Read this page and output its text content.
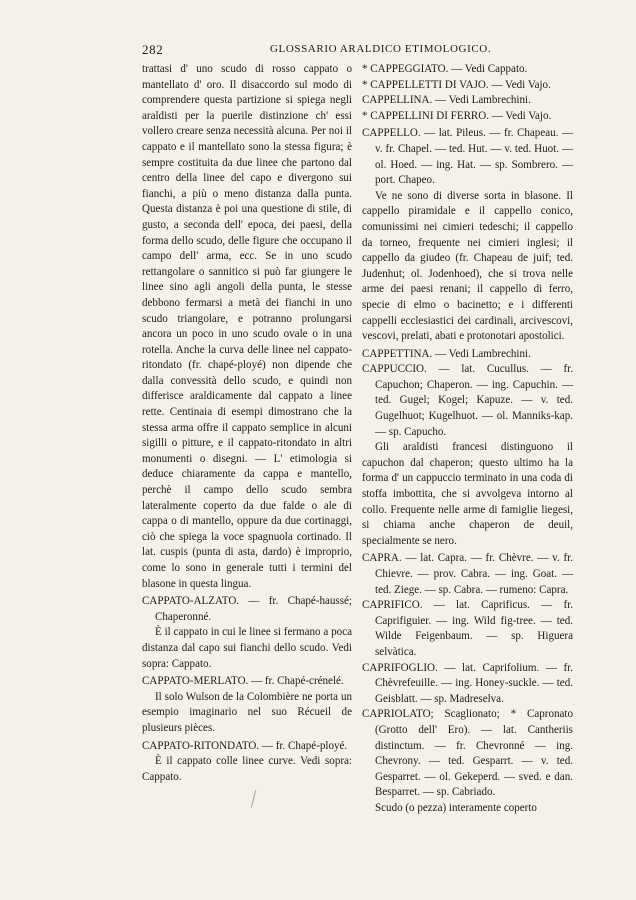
282	GLOSSARIO ARALDICO ETIMOLOGICO.

trattasi d' uno scudo di rosso cappato o mantellato d' oro. Il disaccordo sul modo di comprendere questa partizione si spiega negli araldisti per la puerile distinzione ch' essi vollero creare senza necessità alcuna. Per noi il cappato e il mantellato sono la stessa figura; è sempre costituita da due linee che partono dal centro della linee del capo e divergono sui fianchi, a più o meno distanza dalla punta. Questa distanza è poi una questione di stile, di gusto, a seconda dell' epoca, dei paesi, della forma dello scudo, delle figure che occupano il campo dell' arma, ecc. Se in uno scudo rettangolare o sannitico si può far giungere le linee sino agli angoli della punta, le stesse debbono fermarsi a metà dei fianchi in uno scudo triangolare, e potranno prolungarsi ancora un poco in uno scudo ovale o in una rotella. Anche la curva delle linee nel cappato-ritondato (fr. chapé-ployé) non dipende che dalla convessità dello scudo, e quindi non differisce araldicamente dal cappato a linee rette. Centinaia di esempi dimostrano che la stessa arma offre il cappato semplice in alcuni sigilli o pitture, e il cappato-ritondato in altri monumenti o disegni. — L' etimologia si deduce chiaramente da cappa e mantello, perchè il campo dello scudo sembra lateralmente coperto da due falde o ale di cappa o di mantello, oppure da due cortinaggi, ciò che spiega la voce spagnuola cortinado. Il lat. cuspis (punta di asta, dardo) è improprio, come lo sono in generale tutti i termini del blasone in questa lingua.

CAPPATO-ALZATO. — fr. Chapé-haussé; Chaperonné.

È il cappato in cui le linee si fermano a poca distanza dal capo sui fianchi dello scudo. Vedi sopra: Cappato.

CAPPATO-MERLATO. — fr. Chapé-crénelé.

Il solo Wulson de la Colombière ne porta un esempio imaginario nel suo Récueil de plusieurs pièces.

CAPPATO-RITONDATO. — fr. Chapé-ployé.

È il cappato colle linee curve. Vedi sopra: Cappato.

* CAPPEGGIATO. — Vedi Cappato.

* CAPPELLETTI DI VAJO. — Vedi Vajo.

CAPPELLINA. — Vedi Lambrechini.

* CAPPELLINI DI FERRO. — Vedi Vajo.

CAPPELLO. — lat. Pileus. — fr. Chapeau. — v. fr. Chapel. — ted. Hut. — v. ted. Huot. — ol. Hoed. — ing. Hat. — sp. Sombrero. — port. Chapeo.

Ve ne sono di diverse sorta in blasone. Il cappello piramidale e il cappello conico, comunissimi nei cimieri tedeschi; il cappello da torneo, frequente nei cimieri inglesi; il cappello da giudeo (fr. Chapeau de juif; ted. Judenhut; ol. Jodenhoed), che si trova nelle arme dei paesi renani; il cappello di ferro, specie di elmo o bacinetto; e i differenti cappelli ecclesiastici dei cardinali, arcivescovi, vescovi, prelati, abati e protonotari apostolici.

CAPPETTINA. — Vedi Lambrechini.

CAPPUCCIO. — lat. Cucullus. — fr. Capuchon; Chaperon. — ing. Capuchin. — ted. Gugel; Kogel; Kapuze. — v. ted. Gugelhuot; Kugelhuot. — ol. Manniks-kap. — sp. Capucho.

Gli araldisti francesi distinguono il capuchon dal chaperon; questo ultimo ha la forma d' un cappuccio terminato in una coda di stoffa imbottita, che si avvolgeva intorno al collo. Frequente nelle arme di famiglie liegesi, si chiama anche chaperon de deuil, specialmente se nero.

CAPRA. — lat. Capra. — fr. Chèvre. — v. fr. Chievre. — prov. Cabra. — ing. Goat. — ted. Ziege. — sp. Cabra. — rumeno: Capra.

CAPRIFICO. — lat. Caprificus. — fr. Caprifiguier. — ing. Wild fig-tree. — ted. Wilde Feigenbaum. — sp. Higuera selvàtica.

CAPRIFOGLIO. — lat. Caprifolium. — fr. Chèvrefeuille. — ing. Honey-suckle. — ted. Geisblatt. — sp. Madreselva.

CAPRIOLATO; Scaglionato; * Capronato (Grotto dell' Ero). — lat. Cantheriis distinctum. — fr. Chevronné — ing. Chevrony. — ted. Gesparrt. — v. ted. Gesparret. — ol. Gekeperd. — sved. e dan. Besparret. — sp. Cabriado.

Scudo (o pezza) interamente coperto
